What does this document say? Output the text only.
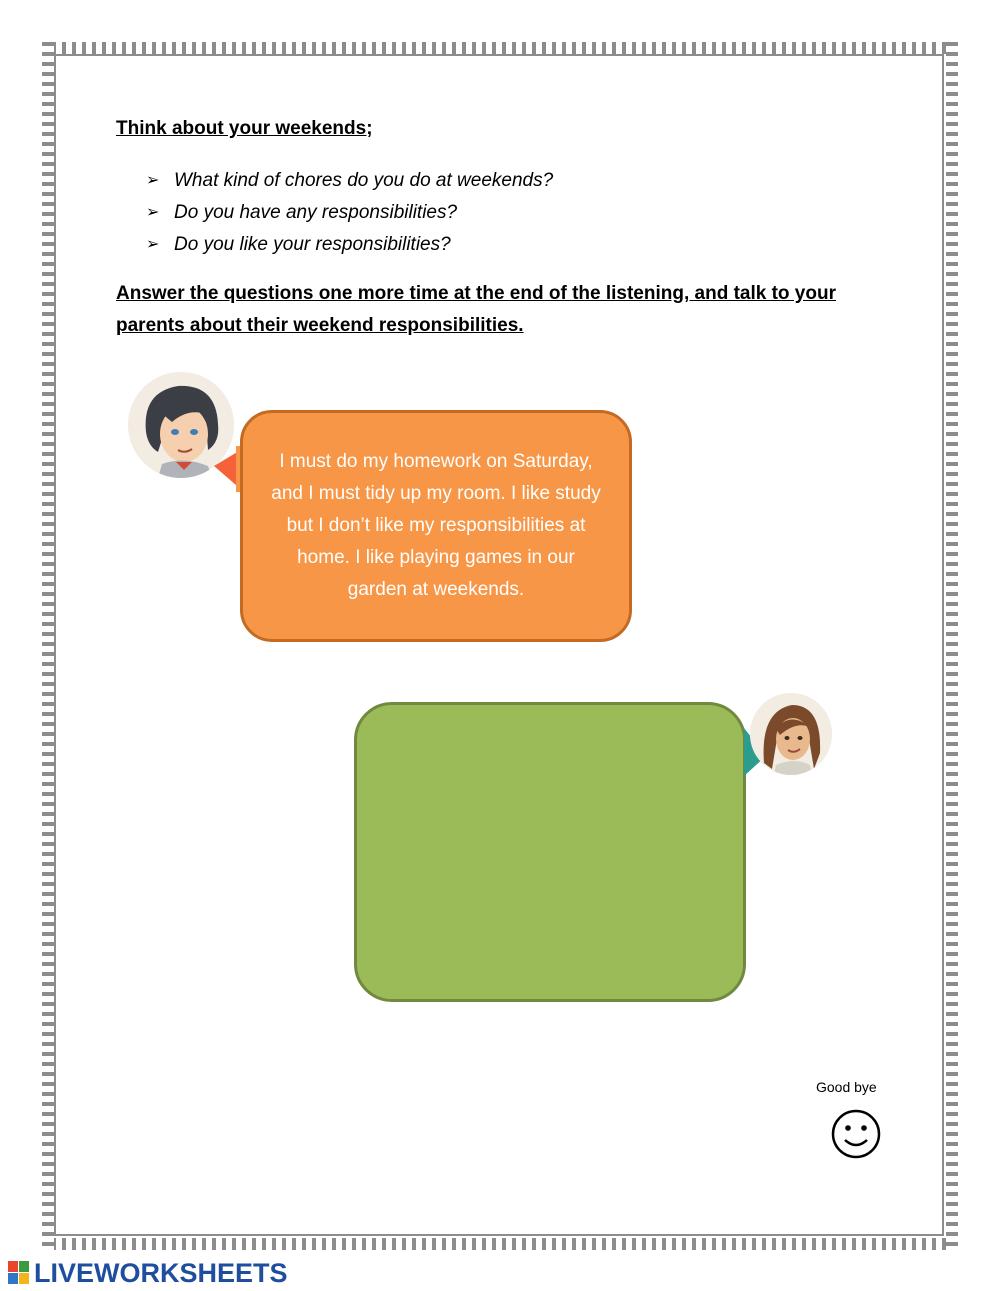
Think about your weekends;
➢ What kind of chores do you do at weekends?
➢ Do you have any responsibilities?
➢ Do you like your responsibilities?
Answer the questions one more time at the end of the listening, and talk to your parents about their weekend responsibilities.
I must do my homework on Saturday, and I must tidy up my room. I like study but I don’t like my responsibilities at home. I like playing games in our garden at weekends.
Good bye
LIVEWORKSHEETS
